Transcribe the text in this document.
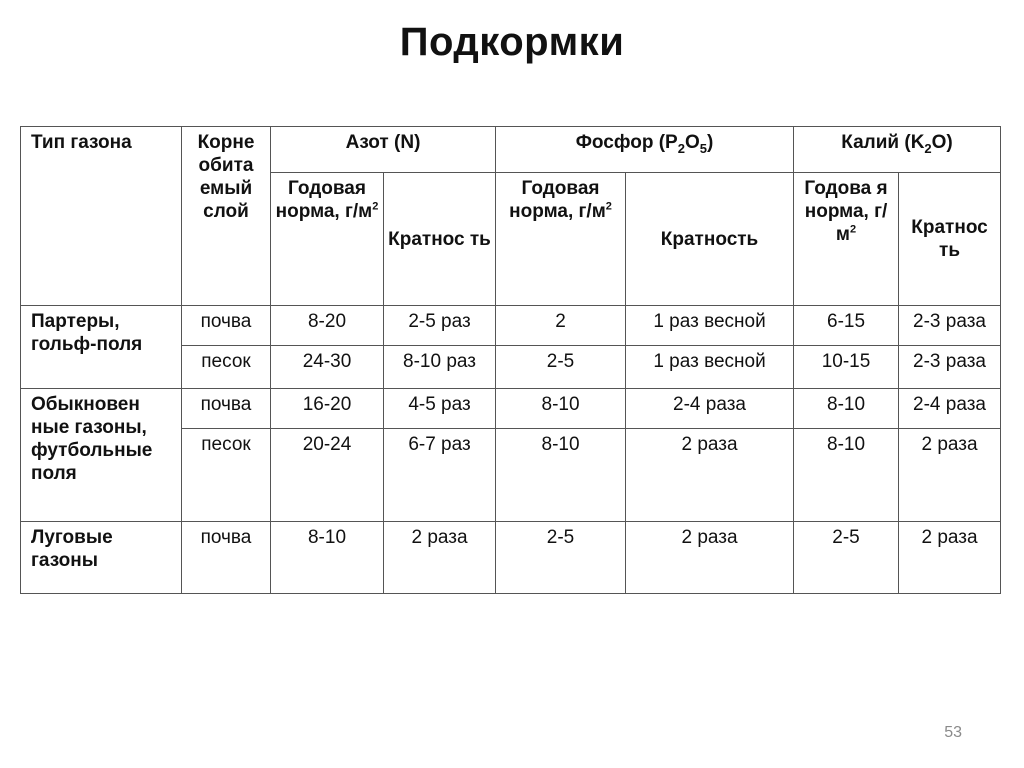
Подкормки
Тип газона	Корне обита емый слой	Азот (N)		Фосфор $(P_2O_5)$		Калий $(K_2O)$	
		Годовая норма, $г/м^2$	Кратнос ть	Годовая норма, $г/м^2$	Кратность	Годова я норма, $г/м^2$	Кратнос ть
Партеры, гольф-поля	почва	8-20	2-5 раз	2	1 раз весной	6-15	2-3 раза
	песок	24-30	8-10 раз	2-5	1 раз весной	10-15	2-3 раза
Обыкновен ные газоны, футбольные поля	почва	16-20	4-5 раз	8-10	2-4 раза	8-10	2-4 раза
	песок	20-24	6-7 раз	8-10	2 раза	8-10	2 раза
Луговые газоны	почва	8-10	2 раза	2-5	2 раза	2-5	2 раза
53
